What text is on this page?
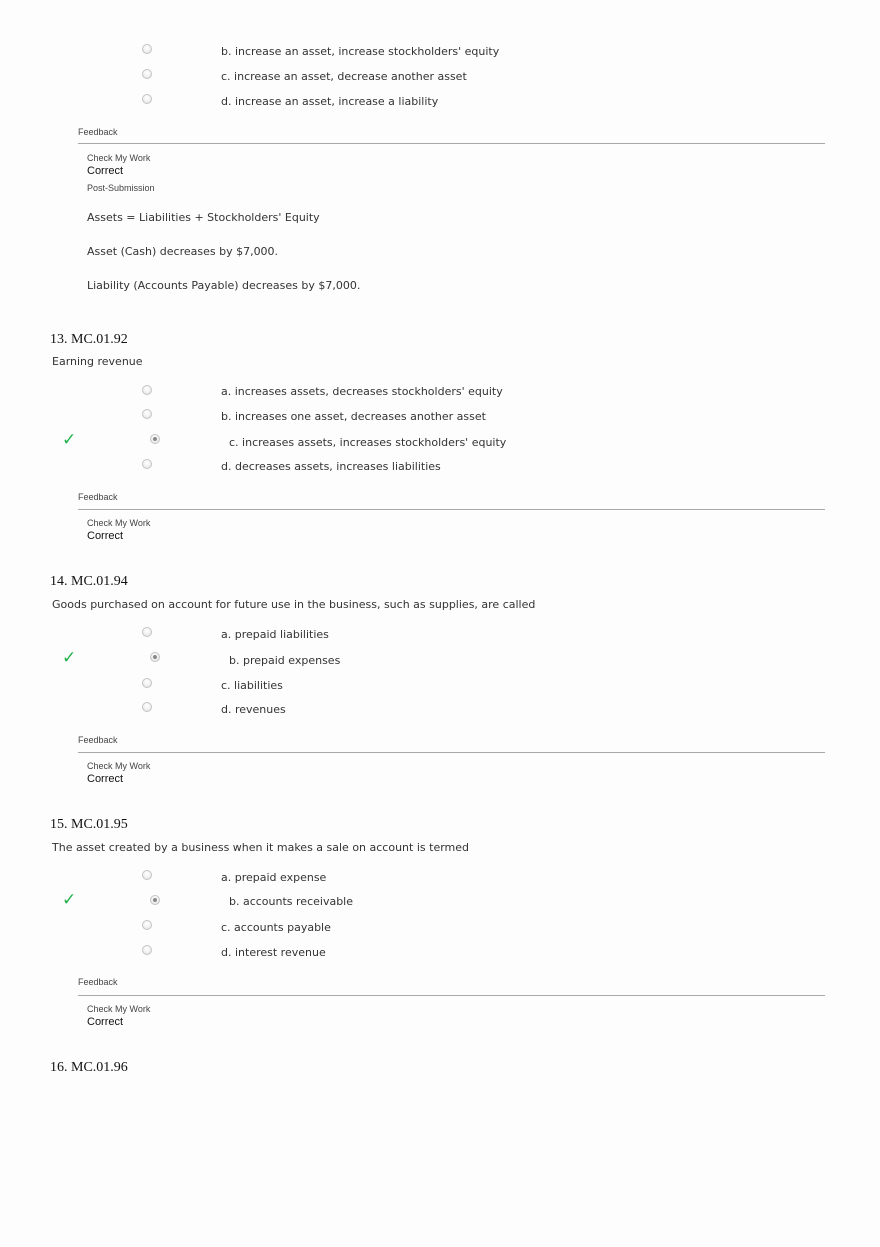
b. increase an asset, increase stockholders' equity
c. increase an asset, decrease another asset
d. increase an asset, increase a liability
Feedback
Check My Work
Correct
Post-Submission
Assets = Liabilities + Stockholders' Equity
Asset (Cash) decreases by $7,000.
Liability (Accounts Payable) decreases by $7,000.
13. MC.01.92
Earning revenue
a. increases assets, decreases stockholders' equity
b. increases one asset, decreases another asset
✓	c. increases assets, increases stockholders' equity
d. decreases assets, increases liabilities
Feedback
Check My Work
Correct
14. MC.01.94
Goods purchased on account for future use in the business, such as supplies, are called
a. prepaid liabilities
✓	b. prepaid expenses
c. liabilities
d. revenues
Feedback
Check My Work
Correct
15. MC.01.95
The asset created by a business when it makes a sale on account is termed
a. prepaid expense
✓	b. accounts receivable
c. accounts payable
d. interest revenue
Feedback
Check My Work
Correct
16. MC.01.96
